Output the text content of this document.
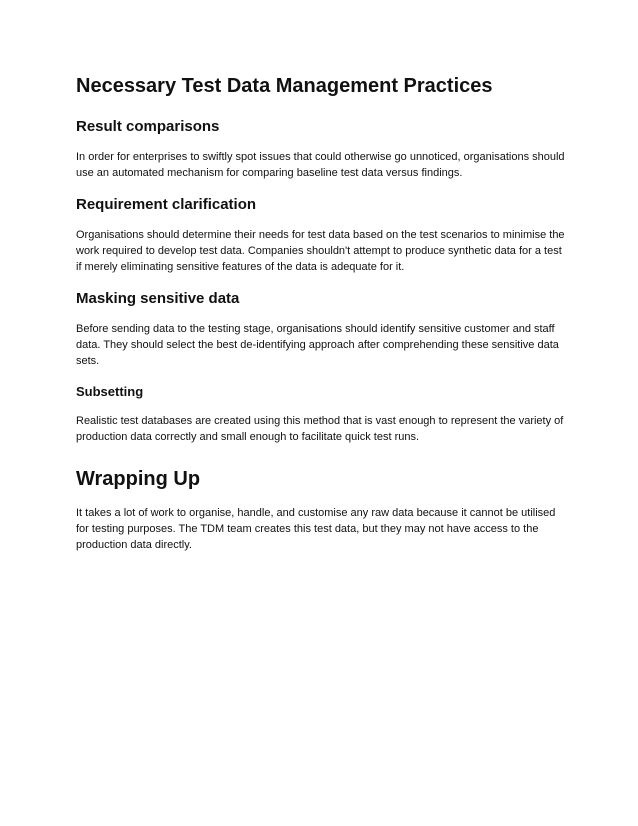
Necessary Test Data Management Practices
Result comparisons

In order for enterprises to swiftly spot issues that could otherwise go unnoticed, organisations should use an automated mechanism for comparing baseline test data versus findings.

Requirement clarification

Organisations should determine their needs for test data based on the test scenarios to minimise the work required to develop test data. Companies shouldn't attempt to produce synthetic data for a test if merely eliminating sensitive features of the data is adequate for it.

Masking sensitive data

Before sending data to the testing stage, organisations should identify sensitive customer and staff data. They should select the best de-identifying approach after comprehending these sensitive data sets.

Subsetting

Realistic test databases are created using this method that is vast enough to represent the variety of production data correctly and small enough to facilitate quick test runs.

Wrapping Up

It takes a lot of work to organise, handle, and customise any raw data because it cannot be utilised for testing purposes. The TDM team creates this test data, but they may not have access to the production data directly.
